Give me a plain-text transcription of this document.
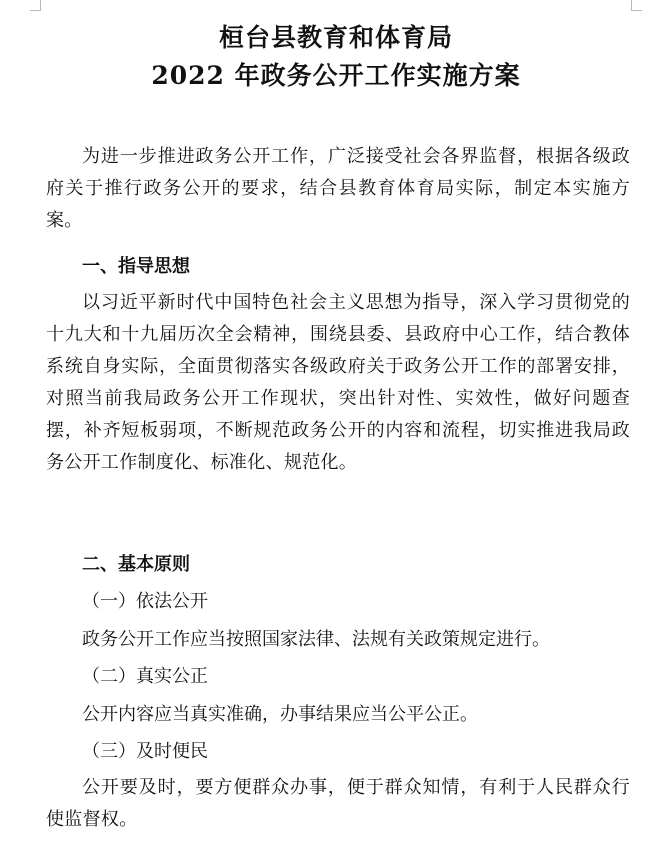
桓台县教育和体育局
2022 年政务公开工作实施方案
为进一步推进政务公开工作，广泛接受社会各界监督，根据各级政府关于推行政务公开的要求，结合县教育体育局实际，制定本实施方案。
一、指导思想
以习近平新时代中国特色社会主义思想为指导，深入学习贯彻党的十九大和十九届历次全会精神，围绕县委、县政府中心工作，结合教体系统自身实际，全面贯彻落实各级政府关于政务公开工作的部署安排，对照当前我局政务公开工作现状，突出针对性、实效性，做好问题查摆，补齐短板弱项，不断规范政务公开的内容和流程，切实推进我局政务公开工作制度化、标准化、规范化。
二、基本原则
（一）依法公开
政务公开工作应当按照国家法律、法规有关政策规定进行。
（二）真实公正
公开内容应当真实准确，办事结果应当公平公正。
（三）及时便民
公开要及时，要方便群众办事，便于群众知情，有利于人民群众行使监督权。
